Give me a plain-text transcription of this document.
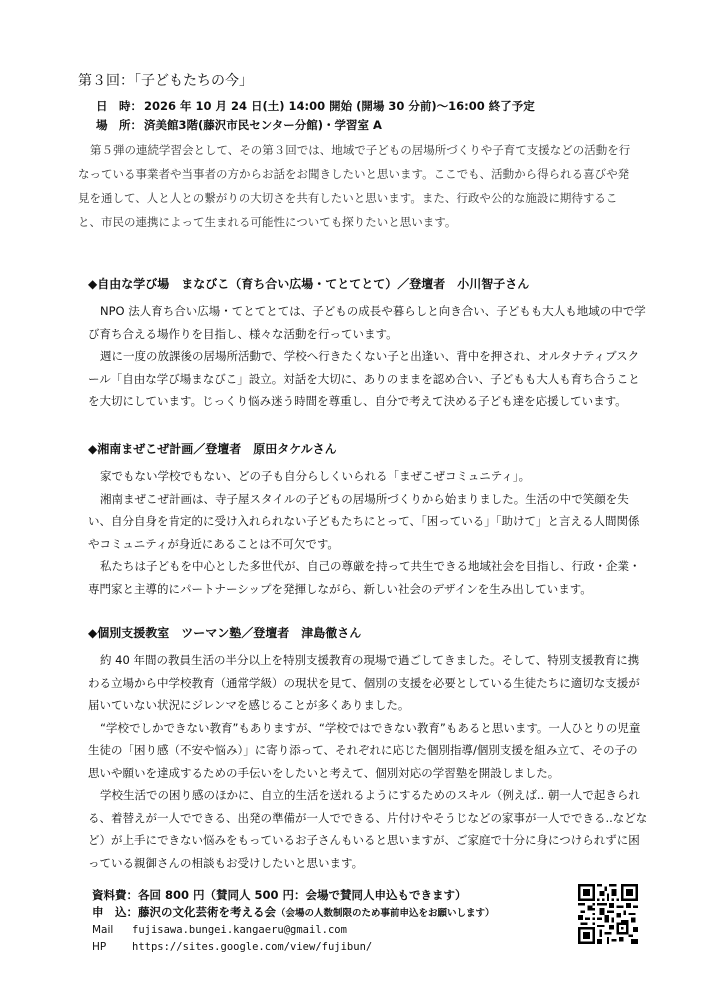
第３回：「子どもたちの今」
日　時： 2026 年 10 月 24 日(土) 14:00 開始 (開場 30 分前)〜16:00 終了予定
場　所： 済美館3階(藤沢市民センター分館)・学習室 A

第５弾の連続学習会として、その第３回では、地域で子どもの居場所づくりや子育て支援などの活動を行なっている事業者や当事者の方からお話をお聞きしたいと思います。ここでも、活動から得られる喜びや発見を通して、人と人との繋がりの大切さを共有したいと思います。また、行政や公的な施設に期待すること、市民の連携によって生まれる可能性についても探りたいと思います。

◆自由な学び場　まなびこ（育ち合い広場・てとてとて）／登壇者　小川智子さん

NPO 法人育ち合い広場・てとてとては、子どもの成長や暮らしと向き合い、子どもも大人も地域の中で学び育ち合える場作りを目指し、様々な活動を行っています。

週に一度の放課後の居場所活動で、学校へ行きたくない子と出逢い、背中を押され、オルタナティブスクール「自由な学び場まなびこ」設立。対話を大切に、ありのままを認め合い、子どもも大人も育ち合うことを大切にしています。じっくり悩み迷う時間を尊重し、自分で考えて決める子ども達を応援しています。

◆湘南まぜこぜ計画／登壇者　原田タケルさん

家でもない学校でもない、どの子も自分らしくいられる「まぜこぜコミュニティ」。

湘南まぜこぜ計画は、寺子屋スタイルの子どもの居場所づくりから始まりました。生活の中で笑顔を失い、自分自身を肯定的に受け入れられない子どもたちにとって、「困っている」「助けて」と言える人間関係やコミュニティが身近にあることは不可欠です。

私たちは子どもを中心とした多世代が、自己の尊厳を持って共生できる地域社会を目指し、行政・企業・専門家と主導的にパートナーシップを発揮しながら、新しい社会のデザインを生み出しています。

◆個別支援教室　ツーマン塾／登壇者　津島徹さん

約 40 年間の教員生活の半分以上を特別支援教育の現場で過ごしてきました。そして、特別支援教育に携わる立場から中学校教育（通常学級）の現状を見て、個別の支援を必要としている生徒たちに適切な支援が届いていない状況にジレンマを感じることが多くありました。

“学校でしかできない教育”もありますが、“学校ではできない教育”もあると思います。一人ひとりの児童生徒の「困り感（不安や悩み）」に寄り添って、それぞれに応じた個別指導/個別支援を組み立て、その子の思いや願いを達成するための手伝いをしたいと考えて、個別対応の学習塾を開設しました。

学校生活での困り感のほかに、自立的生活を送れるようにするためのスキル（例えば.. 朝一人で起きられる、着替えが一人でできる、出発の準備が一人でできる、片付けやそうじなどの家事が一人でできる..などなど）が上手にできない悩みをもっているお子さんもいると思いますが、ご家庭で十分に身につけられずに困っている親御さんの相談もお受けしたいと思います。

資料費：各回 800 円（賛同人 500 円：会場で賛同人申込もできます）
申　込：藤沢の文化芸術を考える会（会場の人数制限のため事前申込をお願いします）
Mail fujisawa.bungei.kangaeru@gmail.com
HP https://sites.google.com/view/fujibun/
